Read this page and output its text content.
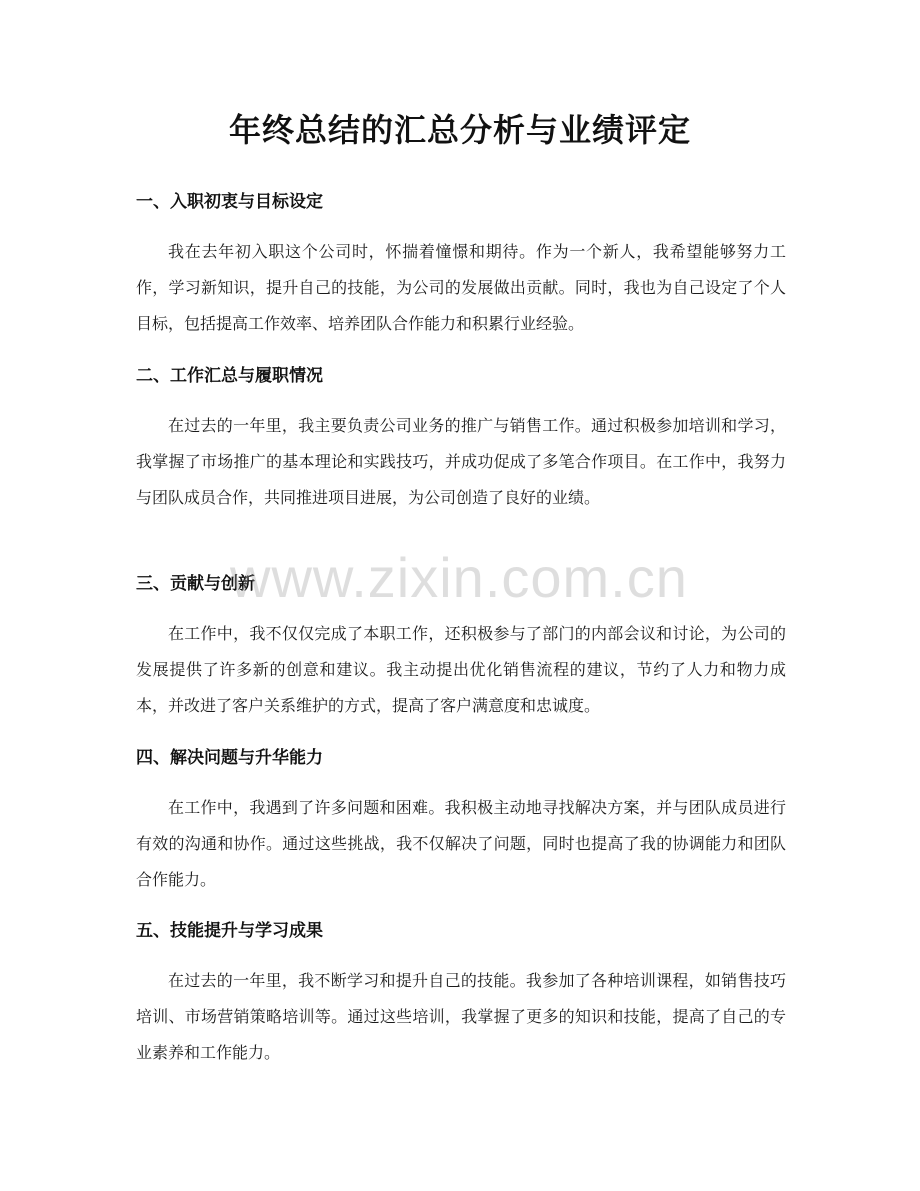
年终总结的汇总分析与业绩评定
一、入职初衷与目标设定

我在去年初入职这个公司时，怀揣着憧憬和期待。作为一个新人，我希望能够努力工作，学习新知识，提升自己的技能，为公司的发展做出贡献。同时，我也为自己设定了个人目标，包括提高工作效率、培养团队合作能力和积累行业经验。

二、工作汇总与履职情况

在过去的一年里，我主要负责公司业务的推广与销售工作。通过积极参加培训和学习，我掌握了市场推广的基本理论和实践技巧，并成功促成了多笔合作项目。在工作中，我努力与团队成员合作，共同推进项目进展，为公司创造了良好的业绩。

三、贡献与创新

在工作中，我不仅仅完成了本职工作，还积极参与了部门的内部会议和讨论，为公司的发展提供了许多新的创意和建议。我主动提出优化销售流程的建议，节约了人力和物力成本，并改进了客户关系维护的方式，提高了客户满意度和忠诚度。

四、解决问题与升华能力

在工作中，我遇到了许多问题和困难。我积极主动地寻找解决方案，并与团队成员进行有效的沟通和协作。通过这些挑战，我不仅解决了问题，同时也提高了我的协调能力和团队合作能力。

五、技能提升与学习成果

在过去的一年里，我不断学习和提升自己的技能。我参加了各种培训课程，如销售技巧培训、市场营销策略培训等。通过这些培训，我掌握了更多的知识和技能，提高了自己的专业素养和工作能力。

www.zixin.com.cn
